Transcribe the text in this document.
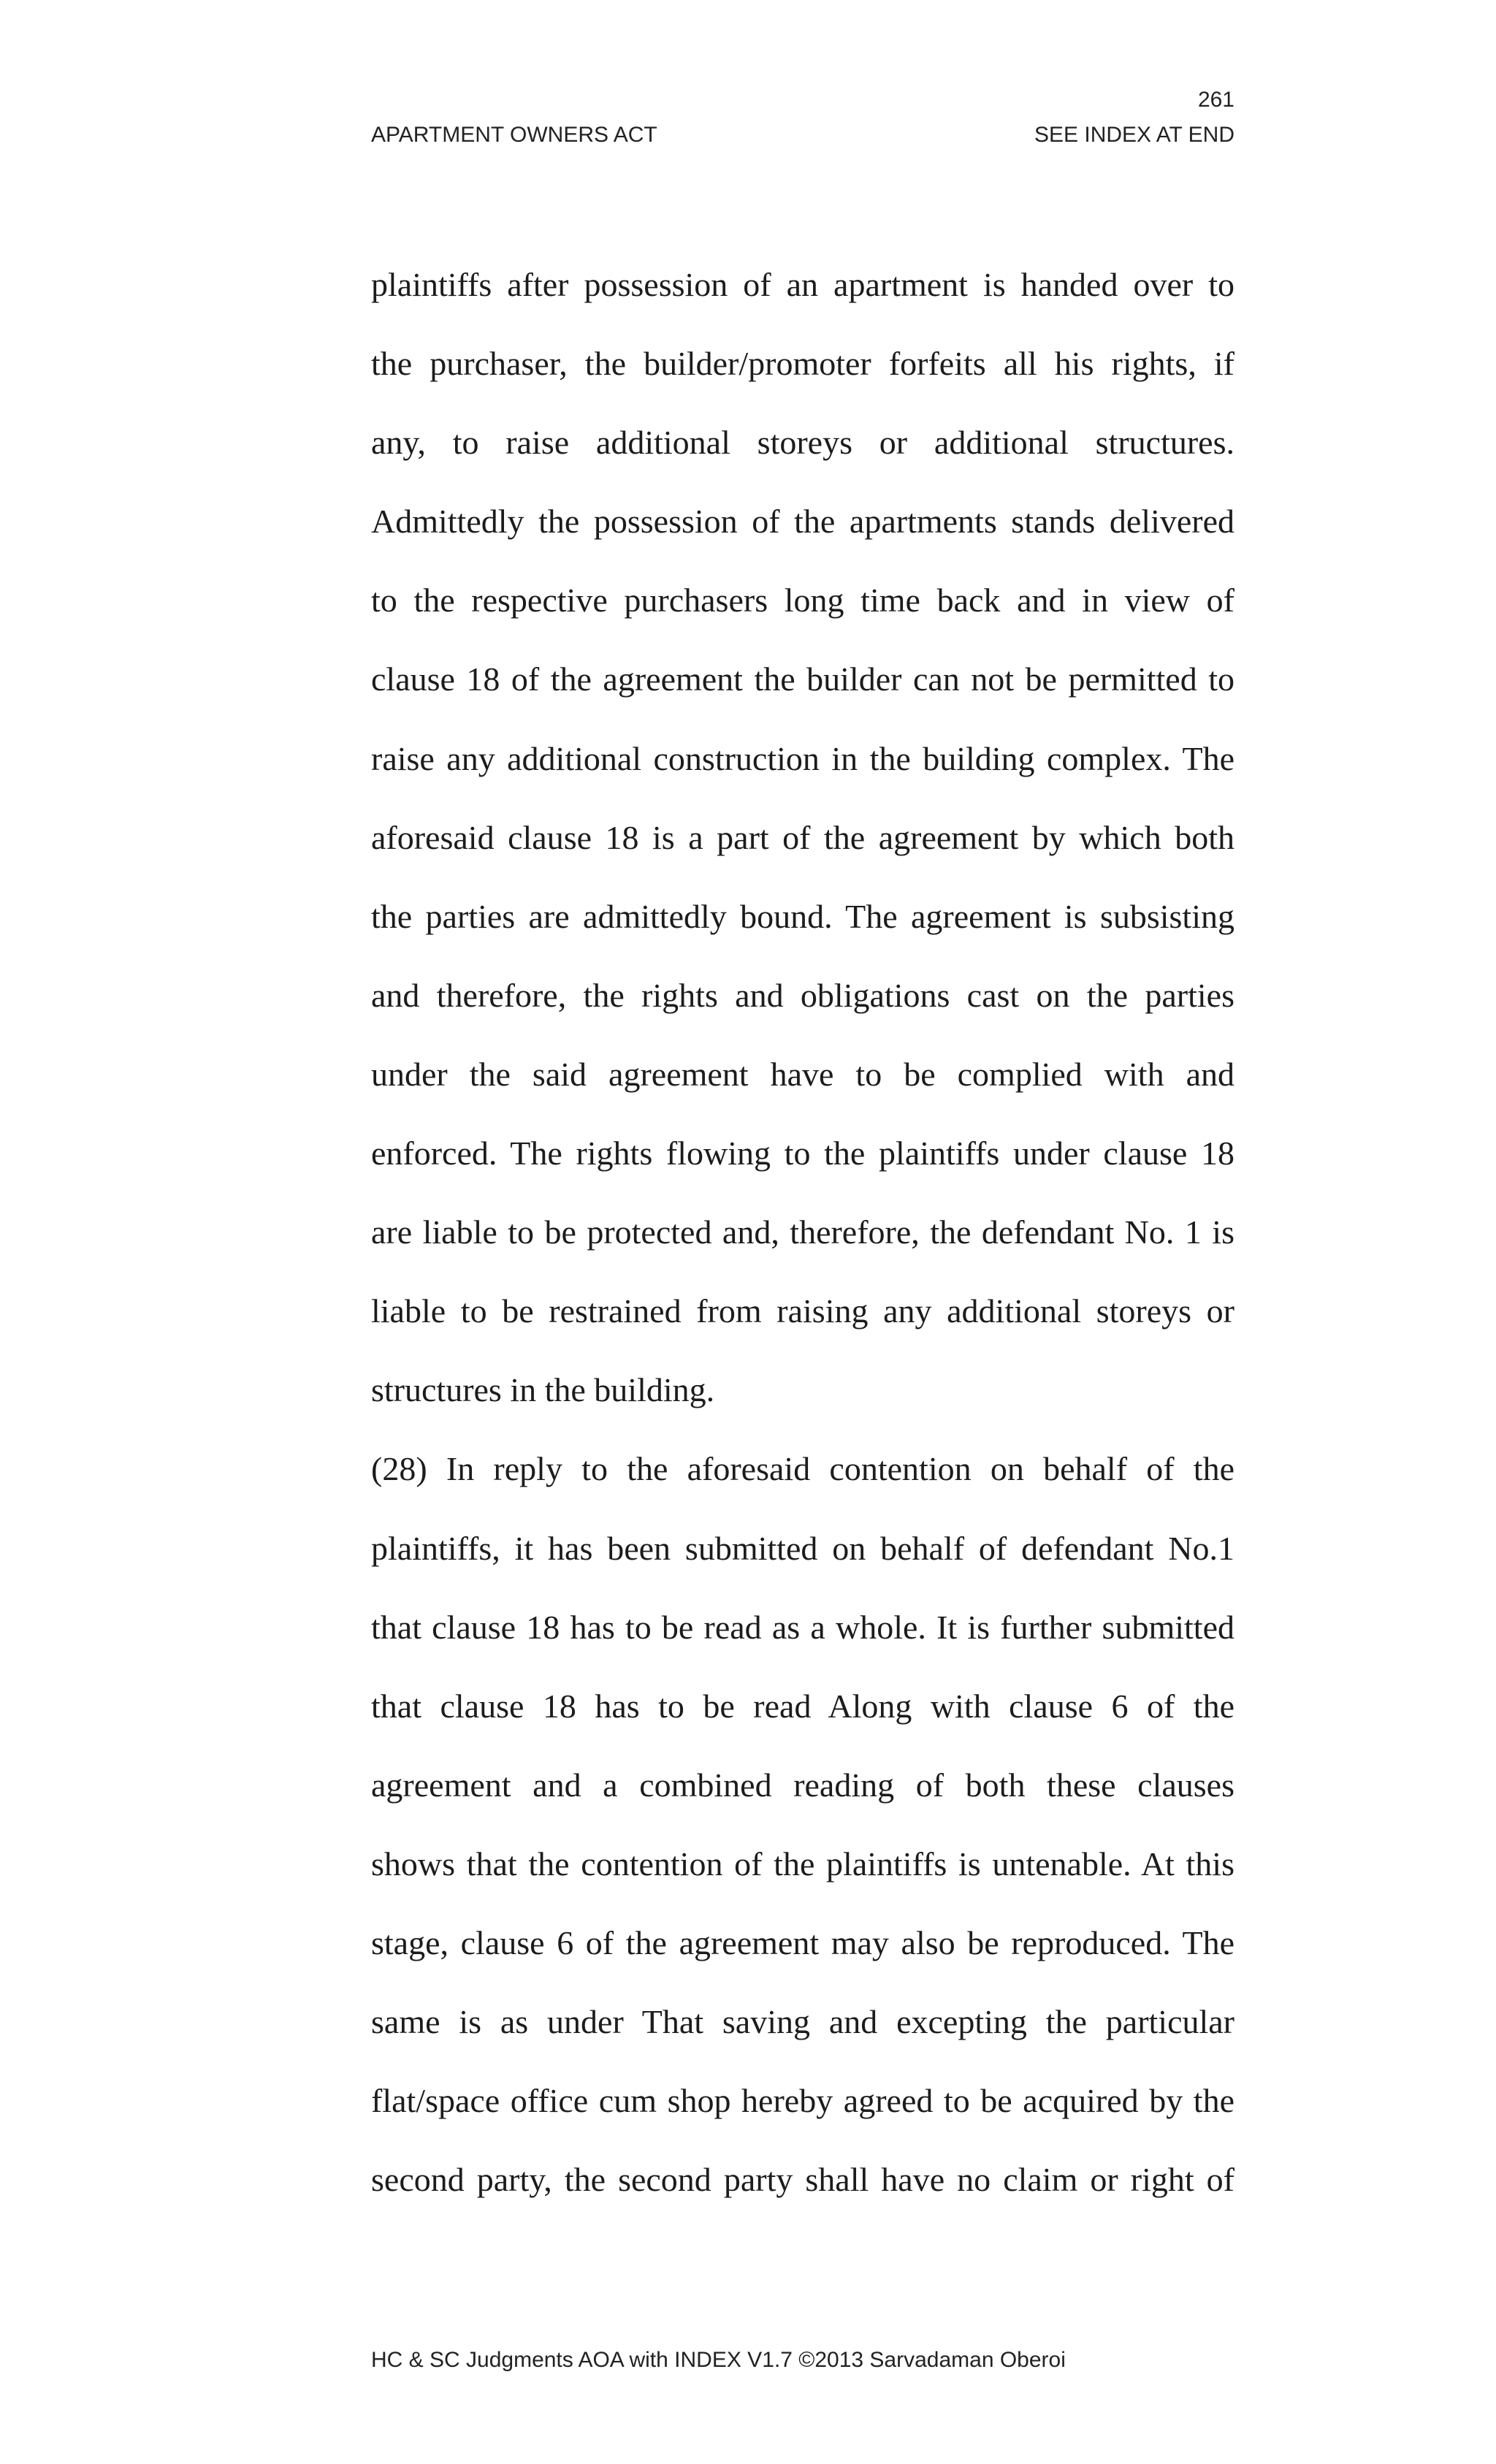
261
APARTMENT OWNERS ACT	SEE INDEX AT END
plaintiffs after possession of an apartment is handed over to
the purchaser, the builder/promoter forfeits all his rights, if
any, to raise additional storeys or additional structures.
Admittedly the possession of the apartments stands delivered
to the respective purchasers long time back and in view of
clause 18 of the agreement the builder can not be permitted to
raise any additional construction in the building complex. The
aforesaid clause 18 is a part of the agreement by which both
the parties are admittedly bound. The agreement is subsisting
and therefore, the rights and obligations cast on the parties
under the said agreement have to be complied with and
enforced. The rights flowing to the plaintiffs under clause 18
are liable to be protected and, therefore, the defendant No. 1 is
liable to be restrained from raising any additional storeys or
structures in the building.
(28) In reply to the aforesaid contention on behalf of the
plaintiffs, it has been submitted on behalf of defendant No.1
that clause 18 has to be read as a whole. It is further submitted
that clause 18 has to be read Along with clause 6 of the
agreement and a combined reading of both these clauses
shows that the contention of the plaintiffs is untenable. At this
stage, clause 6 of the agreement may also be reproduced. The
same is as under That saving and excepting the particular
flat/space office cum shop hereby agreed to be acquired by the
second party, the second party shall have no claim or right of
HC & SC Judgments AOA with INDEX V1.7 ©2013 Sarvadaman Oberoi
